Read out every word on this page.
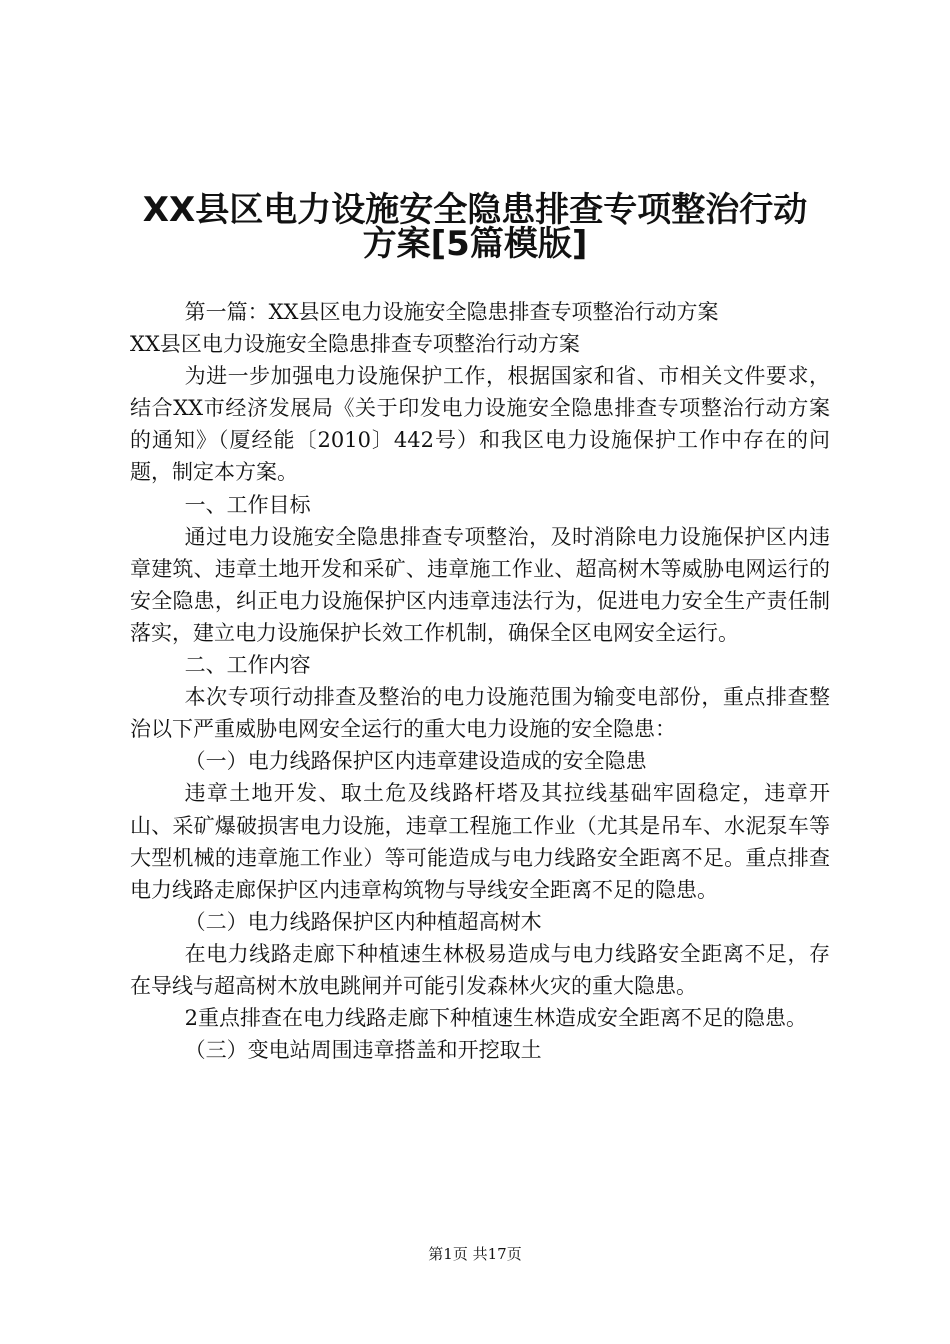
XX县区电力设施安全隐患排查专项整治行动
方案[5篇模版]

第一篇：XX县区电力设施安全隐患排查专项整治行动方案

XX县区电力设施安全隐患排查专项整治行动方案

为进一步加强电力设施保护工作，根据国家和省、市相关文件要求，结合XX市经济发展局《关于印发电力设施安全隐患排查专项整治行动方案的通知》（厦经能〔2010〕442号）和我区电力设施保护工作中存在的问题，制定本方案。

一、工作目标

通过电力设施安全隐患排查专项整治，及时消除电力设施保护区内违章建筑、违章土地开发和采矿、违章施工作业、超高树木等威胁电网运行的安全隐患，纠正电力设施保护区内违章违法行为，促进电力安全生产责任制落实，建立电力设施保护长效工作机制，确保全区电网安全运行。

二、工作内容

本次专项行动排查及整治的电力设施范围为输变电部份，重点排查整治以下严重威胁电网安全运行的重大电力设施的安全隐患：

（一）电力线路保护区内违章建设造成的安全隐患

违章土地开发、取土危及线路杆塔及其拉线基础牢固稳定，违章开山、采矿爆破损害电力设施，违章工程施工作业（尤其是吊车、水泥泵车等大型机械的违章施工作业）等可能造成与电力线路安全距离不足。重点排查电力线路走廊保护区内违章构筑物与导线安全距离不足的隐患。

（二）电力线路保护区内种植超高树木

在电力线路走廊下种植速生林极易造成与电力线路安全距离不足，存在导线与超高树木放电跳闸并可能引发森林火灾的重大隐患。

2重点排查在电力线路走廊下种植速生林造成安全距离不足的隐患。

（三）变电站周围违章搭盖和开挖取土

第1页 共17页
